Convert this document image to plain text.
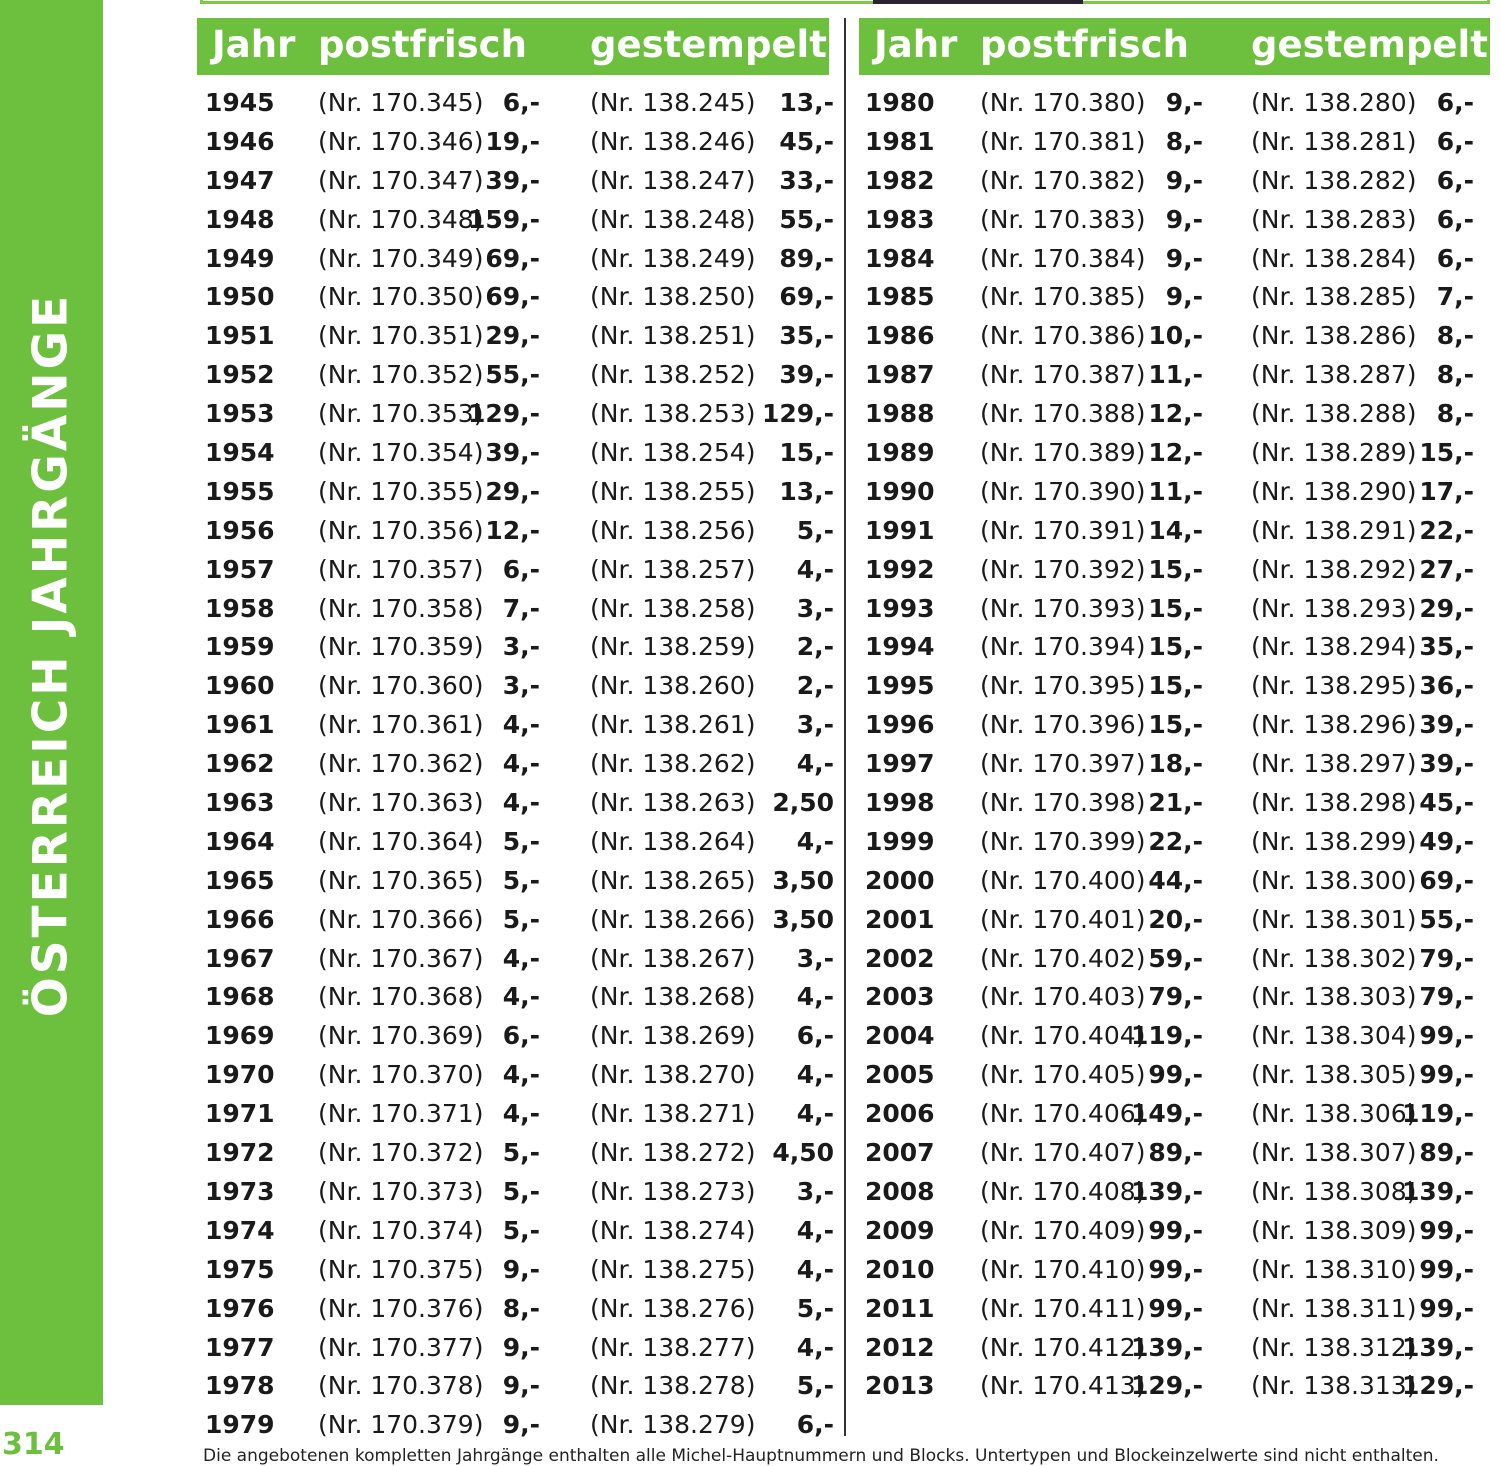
ÖSTERREICH JAHRGÄNGE
314
Jahr postfrisch gestempelt Jahr postfrisch gestempelt
1945 (Nr. 170.345) 6,- (Nr. 138.245) 13,-
1946 (Nr. 170.346) 19,- (Nr. 138.246) 45,-
1947 (Nr. 170.347) 39,- (Nr. 138.247) 33,-
1948 (Nr. 170.348)
159,- (Nr. 138.248) 55,-
1949 (Nr. 170.349) 69,- (Nr. 138.249) 89,-
1950 (Nr. 170.350) 69,- (Nr. 138.250) 69,-
1951 (Nr. 170.351) 29,- (Nr. 138.251) 35,-
1952 (Nr. 170.352) 55,- (Nr. 138.252) 39,-
1953 (Nr. 170.353)
129,- (Nr. 138.253) 129,-
1954 (Nr. 170.354) 39,- (Nr. 138.254) 15,-
1955 (Nr. 170.355) 29,- (Nr. 138.255) 13,-
1956 (Nr. 170.356) 12,- (Nr. 138.256) 5,-
1957 (Nr. 170.357) 6,- (Nr. 138.257) 4,-
1958 (Nr. 170.358) 7,- (Nr. 138.258) 3,-
1959 (Nr. 170.359) 3,- (Nr. 138.259) 2,-
1960 (Nr. 170.360) 3,- (Nr. 138.260) 2,-
1961 (Nr. 170.361) 4,- (Nr. 138.261) 3,-
1962 (Nr. 170.362) 4,- (Nr. 138.262) 4,-
1963 (Nr. 170.363) 4,- (Nr. 138.263) 2,50
1964 (Nr. 170.364) 5,- (Nr. 138.264) 4,-
1965 (Nr. 170.365) 5,- (Nr. 138.265) 3,50
1966 (Nr. 170.366) 5,- (Nr. 138.266) 3,50
1967 (Nr. 170.367) 4,- (Nr. 138.267) 3,-
1968 (Nr. 170.368) 4,- (Nr. 138.268) 4,-
1969 (Nr. 170.369) 6,- (Nr. 138.269) 6,-
1970 (Nr. 170.370) 4,- (Nr. 138.270) 4,-
1971 (Nr. 170.371) 4,- (Nr. 138.271) 4,-
1972 (Nr. 170.372) 5,- (Nr. 138.272) 4,50
1973 (Nr. 170.373) 5,- (Nr. 138.273) 3,-
1974 (Nr. 170.374) 5,- (Nr. 138.274) 4,-
1975 (Nr. 170.375) 9,- (Nr. 138.275) 4,-
1976 (Nr. 170.376) 8,- (Nr. 138.276) 5,-
1977 (Nr. 170.377) 9,- (Nr. 138.277) 4,-
1978 (Nr. 170.378) 9,- (Nr. 138.278) 5,-
1979 (Nr. 170.379) 9,- (Nr. 138.279) 6,-
1980 (Nr. 170.380) 9,- (Nr. 138.280) 6,-
1981 (Nr. 170.381) 8,- (Nr. 138.281) 6,-
1982 (Nr. 170.382) 9,- (Nr. 138.282) 6,-
1983 (Nr. 170.383) 9,- (Nr. 138.283) 6,-
1984 (Nr. 170.384) 9,- (Nr. 138.284) 6,-
1985 (Nr. 170.385) 9,- (Nr. 138.285) 7,-
1986 (Nr. 170.386) 10,- (Nr. 138.286) 8,-
1987 (Nr. 170.387) 11,- (Nr. 138.287) 8,-
1988 (Nr. 170.388) 12,- (Nr. 138.288) 8,-
1989 (Nr. 170.389) 12,- (Nr. 138.289) 15,-
1990 (Nr. 170.390) 11,- (Nr. 138.290) 17,-
1991 (Nr. 170.391) 14,- (Nr. 138.291) 22,-
1992 (Nr. 170.392) 15,- (Nr. 138.292) 27,-
1993 (Nr. 170.393) 15,- (Nr. 138.293) 29,-
1994 (Nr. 170.394) 15,- (Nr. 138.294) 35,-
1995 (Nr. 170.395) 15,- (Nr. 138.295) 36,-
1996 (Nr. 170.396) 15,- (Nr. 138.296) 39,-
1997 (Nr. 170.397) 18,- (Nr. 138.297) 39,-
1998 (Nr. 170.398) 21,- (Nr. 138.298) 45,-
1999 (Nr. 170.399) 22,- (Nr. 138.299) 49,-
2000 (Nr. 170.400) 44,- (Nr. 138.300) 69,-
2001 (Nr. 170.401) 20,- (Nr. 138.301) 55,-
2002 (Nr. 170.402) 59,- (Nr. 138.302) 79,-
2003 (Nr. 170.403) 79,- (Nr. 138.303) 79,-
2004 (Nr. 170.404)
119,- (Nr. 138.304) 99,-
2005 (Nr. 170.405) 99,- (Nr. 138.305) 99,-
2006 (Nr. 170.406)
149,- (Nr. 138.306)
119,-
2007 (Nr. 170.407) 89,- (Nr. 138.307) 89,-
2008 (Nr. 170.408)
139,- (Nr. 138.308)
139,-
2009 (Nr. 170.409) 99,- (Nr. 138.309) 99,-
2010 (Nr. 170.410) 99,- (Nr. 138.310) 99,-
2011 (Nr. 170.411) 99,- (Nr. 138.311) 99,-
2012 (Nr. 170.412)
139,- (Nr. 138.312)
139,-
2013 (Nr. 170.413)
129,- (Nr. 138.313)
129,-
Die angebotenen kompletten Jahrgänge enthalten alle Michel-Hauptnummern und Blocks. Untertypen und Blockeinzelwerte sind nicht enthalten.
